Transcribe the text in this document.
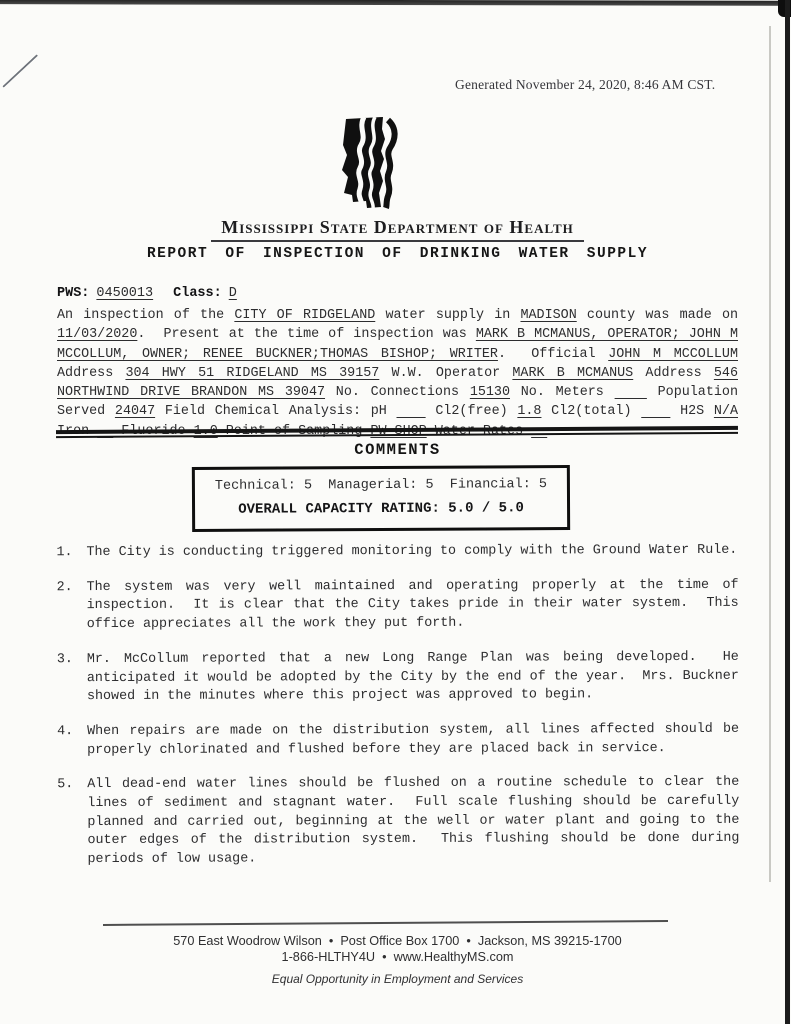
Generated November 24, 2020, 8:46 AM CST.
Mississippi State Department of Health
REPORT OF INSPECTION OF DRINKING WATER SUPPLY
PWS: 0450013 Class: D
An inspection of the CITY OF RIDGELAND water supply in MADISON county was made on 11/03/2020.  Present at the time of inspection was MARK B MCMANUS, OPERATOR; JOHN M MCCOLLUM, OWNER; RENEE BUCKNER;THOMAS BISHOP; WRITER.  Official JOHN M MCCOLLUM Address 304 HWY 51 RIDGELAND MS 39157 W.W. Operator MARK B MCMANUS Address 546 NORTHWIND DRIVE BRANDON MS 39047 No. Connections 15130 No. Meters     Population Served 24047 Field Chemical Analysis: pH     Cl2(free) 1.8 Cl2(total)     H2S N/A Iron    Fluoride 1.0 Point of Sampling PW SHOP Water Rates
COMMENTS
Technical: 5  Managerial: 5  Financial: 5
OVERALL CAPACITY RATING: 5.0 / 5.0
1.	The City is conducting triggered monitoring to comply with the Ground Water Rule.
2.	The system was very well maintained and operating properly at the time of inspection.  It is clear that the City takes pride in their water system.  This office appreciates all the work they put forth.
3.	Mr. McCollum reported that a new Long Range Plan was being developed.  He anticipated it would be adopted by the City by the end of the year.  Mrs. Buckner showed in the minutes where this project was approved to begin.
4.	When repairs are made on the distribution system, all lines affected should be properly chlorinated and flushed before they are placed back in service.
5.	All dead-end water lines should be flushed on a routine schedule to clear the lines of sediment and stagnant water.  Full scale flushing should be carefully planned and carried out, beginning at the well or water plant and going to the outer edges of the distribution system.  This flushing should be done during periods of low usage.
570 East Woodrow Wilson  •  Post Office Box 1700  •  Jackson, MS 39215-1700
1-866-HLTHY4U  •  www.HealthyMS.com
Equal Opportunity in Employment and Services
